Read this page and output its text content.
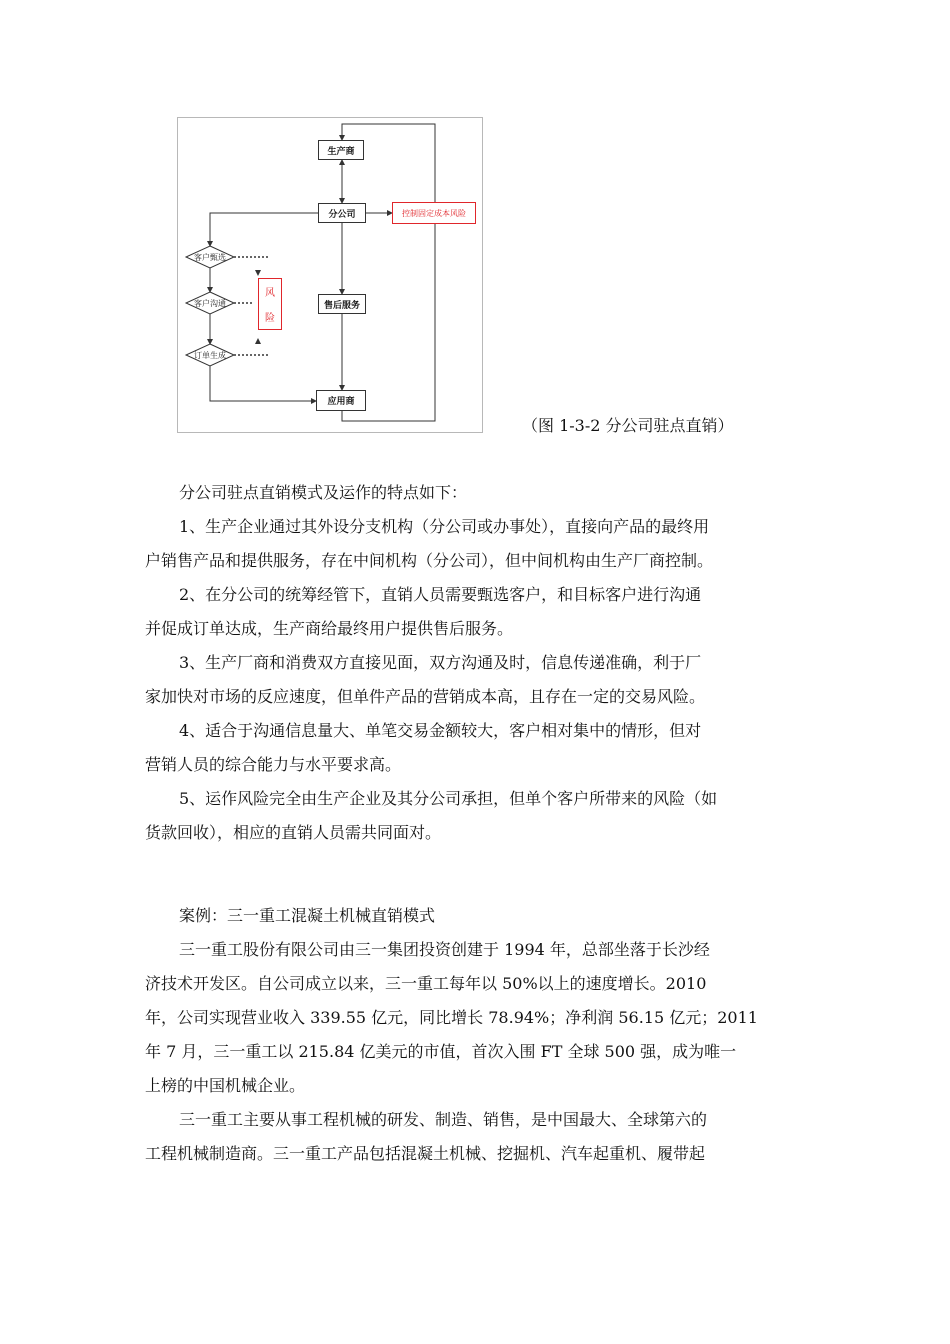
生产商
分公司	控制固定成本风险
售后服务
应用商
客户甄选
客户沟通
订单生成
风
险
（图 1-3-2 分公司驻点直销）

分公司驻点直销模式及运作的特点如下：

1、生产企业通过其外设分支机构（分公司或办事处），直接向产品的最终用
户销售产品和提供服务，存在中间机构（分公司），但中间机构由生产厂商控制。

2、在分公司的统筹经管下，直销人员需要甄选客户，和目标客户进行沟通
并促成订单达成，生产商给最终用户提供售后服务。

3、生产厂商和消费双方直接见面，双方沟通及时，信息传递准确，利于厂
家加快对市场的反应速度，但单件产品的营销成本高，且存在一定的交易风险。

4、适合于沟通信息量大、单笔交易金额较大，客户相对集中的情形，但对
营销人员的综合能力与水平要求高。

5、运作风险完全由生产企业及其分公司承担，但单个客户所带来的风险（如
货款回收），相应的直销人员需共同面对。

案例：三一重工混凝土机械直销模式

三一重工股份有限公司由三一集团投资创建于 1994 年，总部坐落于长沙经
济技术开发区。自公司成立以来，三一重工每年以 50%以上的速度增长。2010
年，公司实现营业收入 339.55 亿元，同比增长 78.94%；净利润 56.15 亿元；2011
年 7 月，三一重工以 215.84 亿美元的市值，首次入围 FT 全球 500 强，成为唯一
上榜的中国机械企业。

三一重工主要从事工程机械的研发、制造、销售，是中国最大、全球第六的
工程机械制造商。三一重工产品包括混凝土机械、挖掘机、汽车起重机、履带起
